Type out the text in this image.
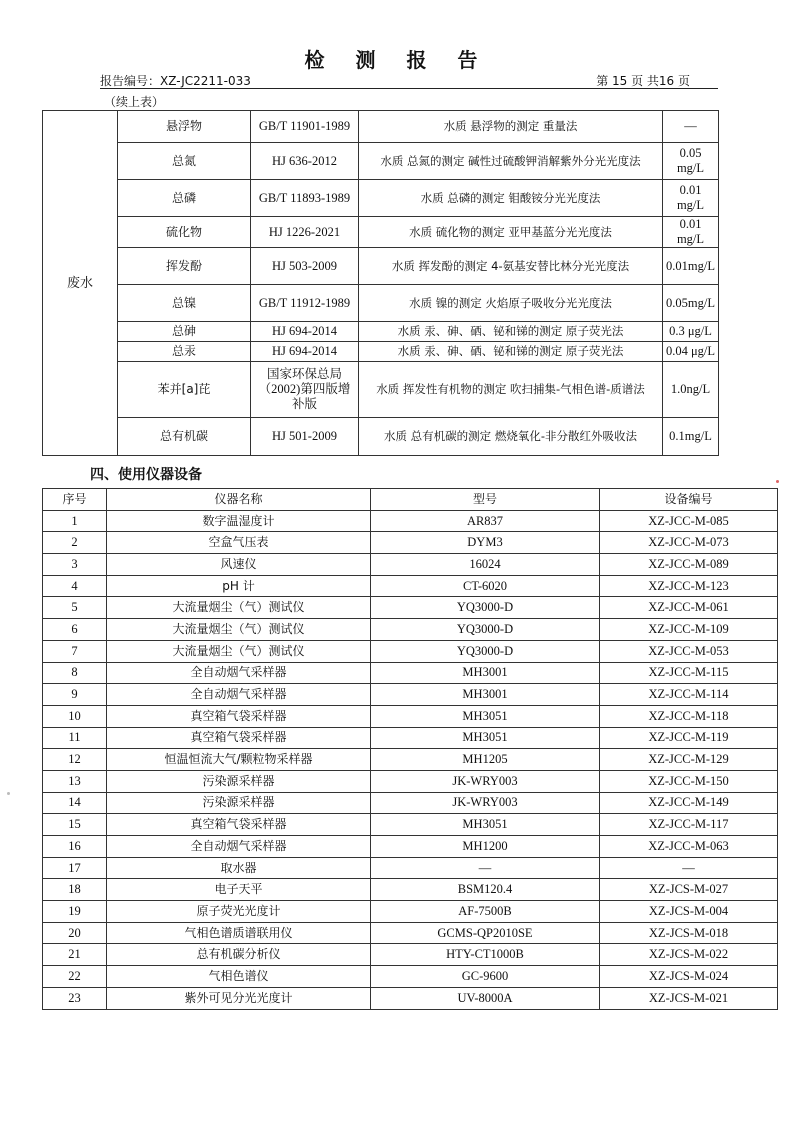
检 测 报 告
报告编号：XZ-JC2211-033	第 15 页 共16 页
（续上表）
废水	悬浮物	GB/T 11901-1989	水质 悬浮物的测定 重量法	—
	总氮	HJ 636-2012	水质 总氮的测定 碱性过硫酸钾消解紫外分光光度法	0.05 mg/L
	总磷	GB/T 11893-1989	水质 总磷的测定 钼酸铵分光光度法	0.01 mg/L
	硫化物	HJ 1226-2021	水质 硫化物的测定 亚甲基蓝分光光度法	0.01 mg/L
	挥发酚	HJ 503-2009	水质 挥发酚的测定 4-氨基安替比林分光光度法	0.01mg/L
	总镍	GB/T 11912-1989	水质 镍的测定 火焰原子吸收分光光度法	0.05mg/L
	总砷	HJ 694-2014	水质 汞、砷、硒、铋和锑的测定 原子荧光法	0.3 μg/L
	总汞	HJ 694-2014	水质 汞、砷、硒、铋和锑的测定 原子荧光法	0.04 μg/L
	苯并[a]芘	国家环保总局（2002)第四版增补版	水质 挥发性有机物的测定 吹扫捕集-气相色谱-质谱法	1.0ng/L
	总有机碳	HJ 501-2009	水质 总有机碳的测定 燃烧氧化-非分散红外吸收法	0.1mg/L
四、使用仪器设备
序号	仪器名称	型号	设备编号
1	数字温湿度计	AR837	XZ-JCC-M-085
2	空盒气压表	DYM3	XZ-JCC-M-073
3	风速仪	16024	XZ-JCC-M-089
4	pH 计	CT-6020	XZ-JCC-M-123
5	大流量烟尘（气）测试仪	YQ3000-D	XZ-JCC-M-061
6	大流量烟尘（气）测试仪	YQ3000-D	XZ-JCC-M-109
7	大流量烟尘（气）测试仪	YQ3000-D	XZ-JCC-M-053
8	全自动烟气采样器	MH3001	XZ-JCC-M-115
9	全自动烟气采样器	MH3001	XZ-JCC-M-114
10	真空箱气袋采样器	MH3051	XZ-JCC-M-118
11	真空箱气袋采样器	MH3051	XZ-JCC-M-119
12	恒温恒流大气/颗粒物采样器	MH1205	XZ-JCC-M-129
13	污染源采样器	JK-WRY003	XZ-JCC-M-150
14	污染源采样器	JK-WRY003	XZ-JCC-M-149
15	真空箱气袋采样器	MH3051	XZ-JCC-M-117
16	全自动烟气采样器	MH1200	XZ-JCC-M-063
17	取水器	—	—
18	电子天平	BSM120.4	XZ-JCS-M-027
19	原子荧光光度计	AF-7500B	XZ-JCS-M-004
20	气相色谱质谱联用仪	GCMS-QP2010SE	XZ-JCS-M-018
21	总有机碳分析仪	HTY-CT1000B	XZ-JCS-M-022
22	气相色谱仪	GC-9600	XZ-JCS-M-024
23	紫外可见分光光度计	UV-8000A	XZ-JCS-M-021
